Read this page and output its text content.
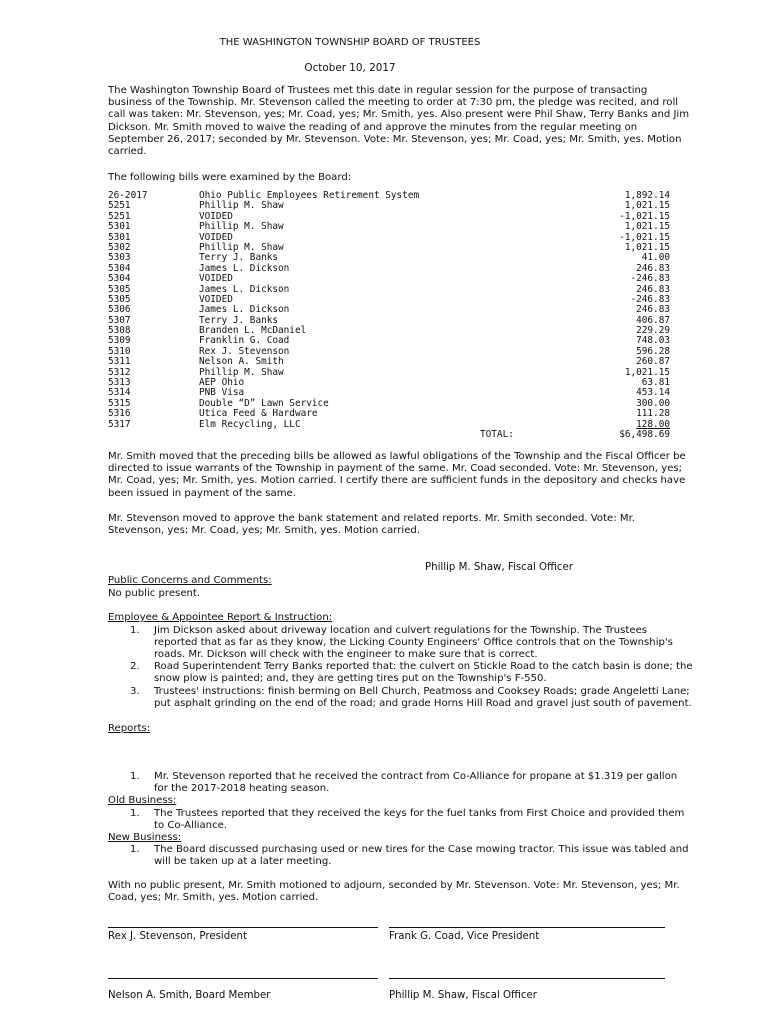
THE WASHINGTON TOWNSHIP BOARD OF TRUSTEES
October 10, 2017

The Washington Township Board of Trustees met this date in regular session for the purpose of transacting business of the Township. Mr. Stevenson called the meeting to order at 7:30 pm, the pledge was recited, and roll call was taken: Mr. Stevenson, yes; Mr. Coad, yes; Mr. Smith, yes. Also present were Phil Shaw, Terry Banks and Jim Dickson. Mr. Smith moved to waive the reading of and approve the minutes from the regular meeting on September 26, 2017; seconded by Mr. Stevenson. Vote: Mr. Stevenson, yes; Mr. Coad, yes; Mr. Smith, yes. Motion carried.

The following bills were examined by the Board:
26-2017	Ohio Public Employees Retirement System	1,892.14
5251	Phillip M. Shaw	1,021.15
5251	VOIDED	-1,021.15
5301	Phillip M. Shaw	1,021.15
5301	VOIDED	-1,021.15
5302	Phillip M. Shaw	1,021.15
5303	Terry J. Banks	41.00
5304	James L. Dickson	246.83
5304	VOIDED	-246.83
5305	James L. Dickson	246.83
5305	VOIDED	-246.83
5306	James L. Dickson	246.83
5307	Terry J. Banks	406.87
5308	Branden L. McDaniel	229.29
5309	Franklin G. Coad	748.03
5310	Rex J. Stevenson	596.28
5311	Nelson A. Smith	260.87
5312	Phillip M. Shaw	1,021.15
5313	AEP Ohio	63.81
5314	PNB Visa	453.14
5315	Double “D” Lawn Service	300.00
5316	Utica Feed & Hardware	111.28
5317	Elm Recycling, LLC	128.00
TOTAL:	$6,498.69

Mr. Smith moved that the preceding bills be allowed as lawful obligations of the Township and the Fiscal Officer be directed to issue warrants of the Township in payment of the same. Mr. Coad seconded. Vote: Mr. Stevenson, yes; Mr. Coad, yes; Mr. Smith, yes. Motion carried. I certify there are sufficient funds in the depository and checks have been issued in payment of the same.

Mr. Stevenson moved to approve the bank statement and related reports. Mr. Smith seconded. Vote: Mr. Stevenson, yes; Mr. Coad, yes; Mr. Smith, yes. Motion carried.

Phillip M. Shaw, Fiscal Officer
Public Concerns and Comments:
No public present.
Employee & Appointee Report & Instruction:
1. Jim Dickson asked about driveway location and culvert regulations for the Township. The Trustees reported that as far as they know, the Licking County Engineers' Office controls that on the Township's roads. Mr. Dickson will check with the engineer to make sure that is correct.
2. Road Superintendent Terry Banks reported that: the culvert on Stickle Road to the catch basin is done; the snow plow is painted; and, they are getting tires put on the Township's F-550.
3. Trustees' instructions: finish berming on Bell Church, Peatmoss and Cooksey Roads; grade Angeletti Lane; put asphalt grinding on the end of the road; and grade Horns Hill Road and gravel just south of pavement.
Reports:
1. Mr. Stevenson reported that he received the contract from Co-Alliance for propane at $1.319 per gallon for the 2017-2018 heating season.
Old Business:
1. The Trustees reported that they received the keys for the fuel tanks from First Choice and provided them to Co-Alliance.
New Business:
1. The Board discussed purchasing used or new tires for the Case mowing tractor. This issue was tabled and will be taken up at a later meeting.

With no public present, Mr. Smith motioned to adjourn, seconded by Mr. Stevenson. Vote: Mr. Stevenson, yes; Mr. Coad, yes; Mr. Smith, yes. Motion carried.

Rex J. Stevenson, President	Frank G. Coad, Vice President
Nelson A. Smith, Board Member	Phillip M. Shaw, Fiscal Officer
